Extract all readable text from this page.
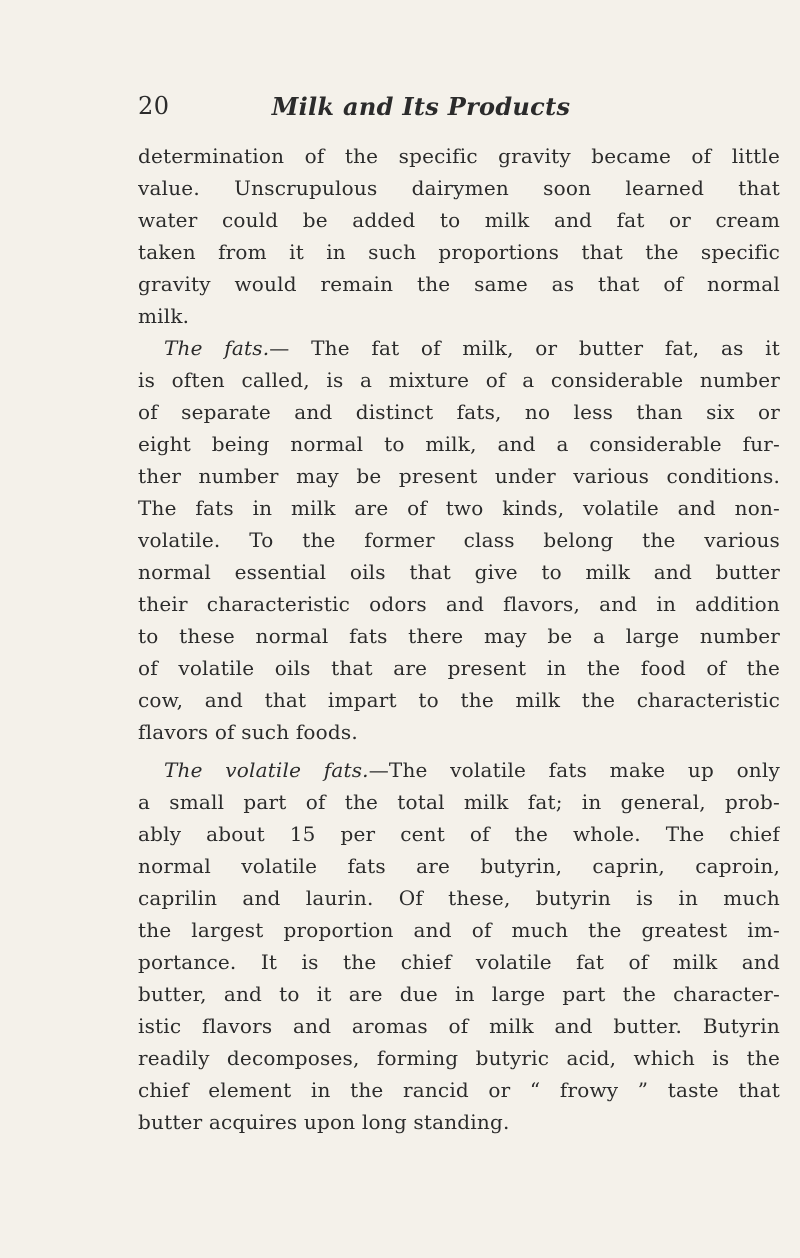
20	Milk and Its Products
determination of the specific gravity became of little
value. Unscrupulous dairymen soon learned that
water could be added to milk and fat or cream
taken from it in such proportions that the specific
gravity would remain the same as that of normal
milk.
The fats.— The fat of milk, or butter fat, as it
is often called, is a mixture of a considerable number
of separate and distinct fats, no less than six or
eight being normal to milk, and a considerable fur-
ther number may be present under various conditions.
The fats in milk are of two kinds, volatile and non-
volatile. To the former class belong the various
normal essential oils that give to milk and butter
their characteristic odors and flavors, and in addition
to these normal fats there may be a large number
of volatile oils that are present in the food of the
cow, and that impart to the milk the characteristic
flavors of such foods.
The volatile fats.—The volatile fats make up only
a small part of the total milk fat; in general, prob-
ably about 15 per cent of the whole. The chief
normal volatile fats are butyrin, caprin, caproin,
caprilin and laurin. Of these, butyrin is in much
the largest proportion and of much the greatest im-
portance. It is the chief volatile fat of milk and
butter, and to it are due in large part the character-
istic flavors and aromas of milk and butter. Butyrin
readily decomposes, forming butyric acid, which is the
chief element in the rancid or “ frowy ” taste that
butter acquires upon long standing.
